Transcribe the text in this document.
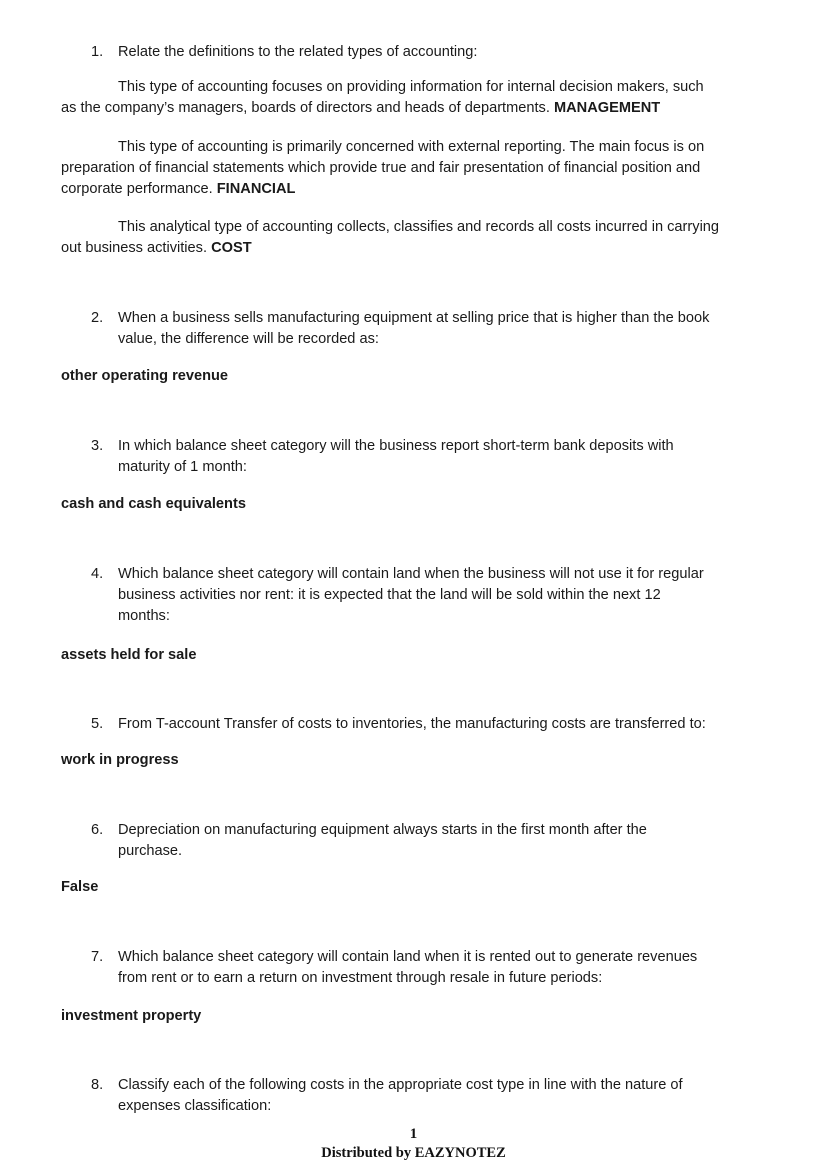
1. Relate the definitions to the related types of accounting:
This type of accounting focuses on providing information for internal decision makers, such
as the company’s managers, boards of directors and heads of departments. MANAGEMENT
This type of accounting is primarily concerned with external reporting. The main focus is on
preparation of financial statements which provide true and fair presentation of financial position and
corporate performance. FINANCIAL
This analytical type of accounting collects, classifies and records all costs incurred in carrying
out business activities. COST
2. When a business sells manufacturing equipment at selling price that is higher than the book
value, the difference will be recorded as:
other operating revenue
3. In which balance sheet category will the business report short-term bank deposits with
maturity of 1 month:
cash and cash equivalents
4. Which balance sheet category will contain land when the business will not use it for regular
business activities nor rent: it is expected that the land will be sold within the next 12
months:
assets held for sale
5. From T-account Transfer of costs to inventories, the manufacturing costs are transferred to:
work in progress
6. Depreciation on manufacturing equipment always starts in the first month after the
purchase.
False
7. Which balance sheet category will contain land when it is rented out to generate revenues
from rent or to earn a return on investment through resale in future periods:
investment property
8. Classify each of the following costs in the appropriate cost type in line with the nature of
expenses classification:
1
Distributed by EAZYNOTEZ
